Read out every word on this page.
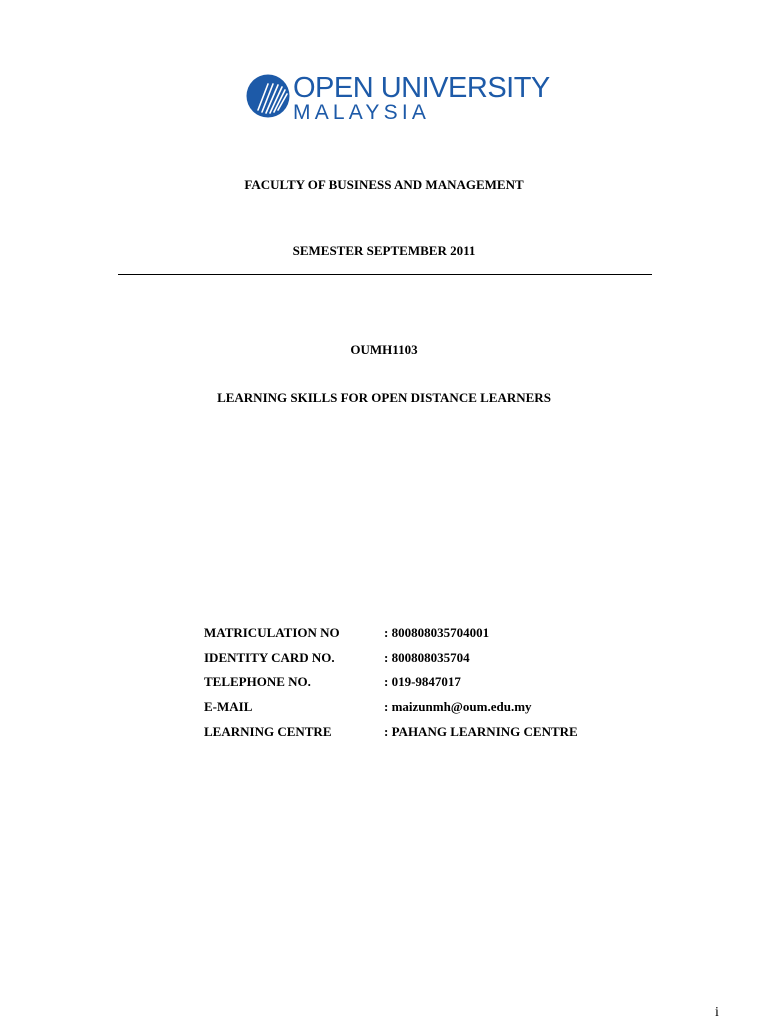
OPEN UNIVERSITY
MALAYSIA
FACULTY OF BUSINESS AND MANAGEMENT
SEMESTER SEPTEMBER 2011
OUMH1103
LEARNING SKILLS FOR OPEN DISTANCE LEARNERS
MATRICULATION NO	: 800808035704001
IDENTITY CARD NO.	: 800808035704
TELEPHONE NO.	: 019-9847017
E-MAIL	: maizunmh@oum.edu.my
LEARNING CENTRE	: PAHANG LEARNING CENTRE
i
